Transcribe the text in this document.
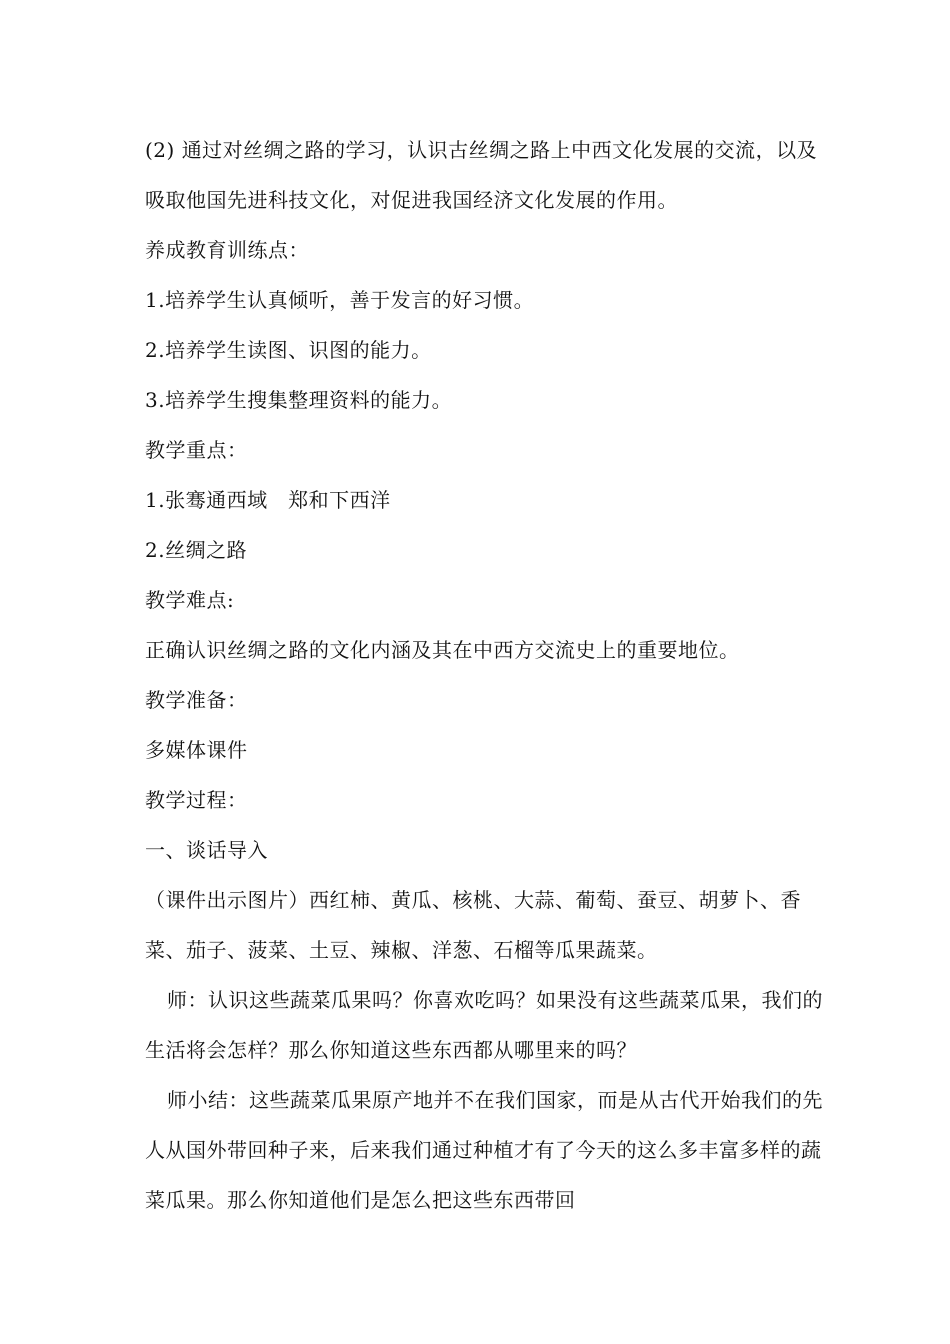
(2) 通过对丝绸之路的学习，认识古丝绸之路上中西文化发展的交流，以及吸取他国先进科技文化，对促进我国经济文化发展的作用。

养成教育训练点：

1.培养学生认真倾听，善于发言的好习惯。

2.培养学生读图、识图的能力。

3.培养学生搜集整理资料的能力。

教学重点：

1.张骞通西域　郑和下西洋

2.丝绸之路

教学难点:

正确认识丝绸之路的文化内涵及其在中西方交流史上的重要地位。

教学准备：

多媒体课件

教学过程：

一、谈话导入

（课件出示图片）西红柿、黄瓜、核桃、大蒜、葡萄、蚕豆、胡萝卜、香菜、茄子、菠菜、土豆、辣椒、洋葱、石榴等瓜果蔬菜。

师：认识这些蔬菜瓜果吗？你喜欢吃吗？如果没有这些蔬菜瓜果，我们的生活将会怎样？那么你知道这些东西都从哪里来的吗？

师小结：这些蔬菜瓜果原产地并不在我们国家，而是从古代开始我们的先人从国外带回种子来，后来我们通过种植才有了今天的这么多丰富多样的蔬菜瓜果。那么你知道他们是怎么把这些东西带回
